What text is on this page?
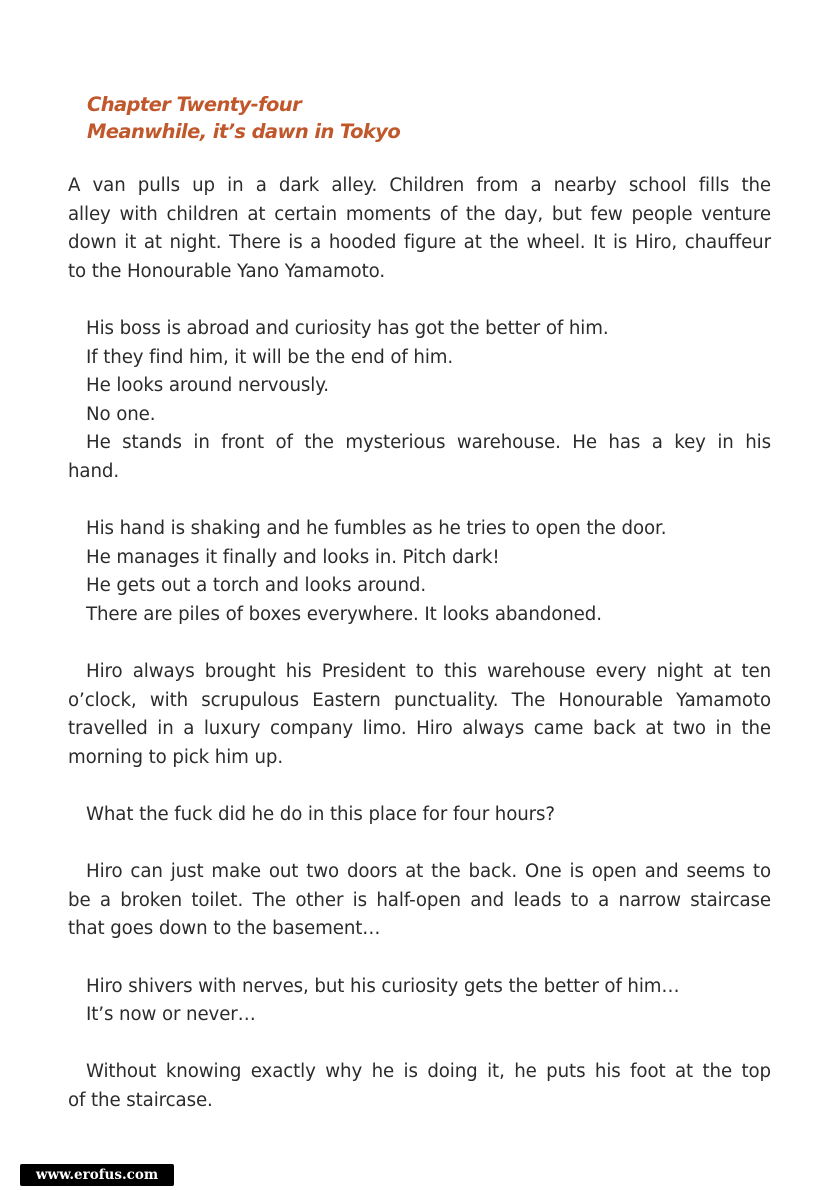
Chapter Twenty-four
Meanwhile, it’s dawn in Tokyo
A van pulls up in a dark alley. Children from a nearby school fills the
alley with children at certain moments of the day, but few people venture
down it at night. There is a hooded figure at the wheel. It is Hiro, chauffeur
to the Honourable Yano Yamamoto.
His boss is abroad and curiosity has got the better of him.
If they find him, it will be the end of him.
He looks around nervously.
No one.
He stands in front of the mysterious warehouse. He has a key in his
hand.
His hand is shaking and he fumbles as he tries to open the door.
He manages it finally and looks in. Pitch dark!
He gets out a torch and looks around.
There are piles of boxes everywhere. It looks abandoned.
Hiro always brought his President to this warehouse every night at ten
o’clock, with scrupulous Eastern punctuality. The Honourable Yamamoto
travelled in a luxury company limo. Hiro always came back at two in the
morning to pick him up.
What the fuck did he do in this place for four hours?
Hiro can just make out two doors at the back. One is open and seems to
be a broken toilet. The other is half-open and leads to a narrow staircase
that goes down to the basement…
Hiro shivers with nerves, but his curiosity gets the better of him…
It’s now or never…
Without knowing exactly why he is doing it, he puts his foot at the top
of the staircase.
www.erofus.com
